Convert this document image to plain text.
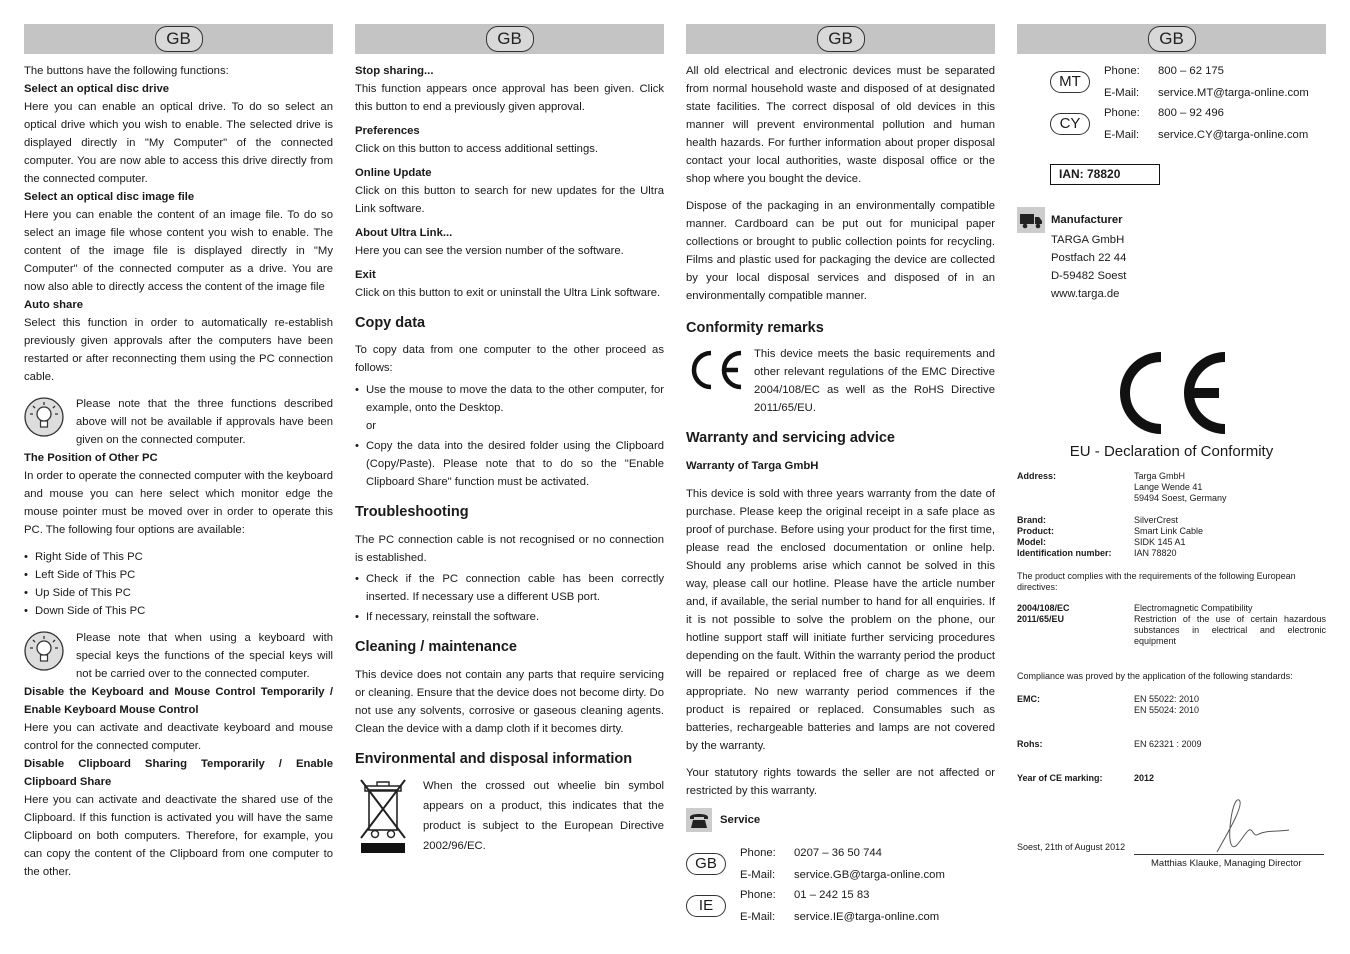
GB

The buttons have the following functions:

Select an optical disc drive

Here you can enable an optical drive. To do so select an optical drive which you wish to enable. The selected drive is displayed directly in "My Computer" of the connected computer. You are now able to access this drive directly from the connected computer.

Select an optical disc image file

Here you can enable the content of an image file. To do so select an image file whose content you wish to enable. The content of the image file is displayed directly in "My Computer" of the connected computer as a drive. You are now also able to directly access the content of the image file

Auto share

Select this function in order to automatically re-establish previously given approvals after the computers have been restarted or after reconnecting them using the PC connection cable.

Please note that the three functions described above will not be available if approvals have been given on the connected computer.

The Position of Other PC

In order to operate the connected computer with the keyboard and mouse you can here select which monitor edge the mouse pointer must be moved over in order to operate this PC. The following four options are available:

• Right Side of This PC
• Left Side of This PC
• Up Side of This PC
• Down Side of This PC

Please note that when using a keyboard with special keys the functions of the special keys will not be carried over to the connected computer.

Disable the Keyboard and Mouse Control Temporarily / Enable Keyboard Mouse Control

Here you can activate and deactivate keyboard and mouse control for the connected computer.

Disable Clipboard Sharing Temporarily / Enable Clipboard Share

Here you can activate and deactivate the shared use of the Clipboard. If this function is activated you will have the same Clipboard on both computers. Therefore, for example, you can copy the content of the Clipboard from one computer to the other.

GB

Stop sharing...

This function appears once approval has been given. Click this button to end a previously given approval.

Preferences

Click on this button to access additional settings.

Online Update

Click on this button to search for new updates for the Ultra Link software.

About Ultra Link...

Here you can see the version number of the software.

Exit

Click on this button to exit or uninstall the Ultra Link software.

Copy data

To copy data from one computer to the other proceed as follows:

• Use the mouse to move the data to the other computer, for example, onto the Desktop.

or

• Copy the data into the desired folder using the Clipboard (Copy/Paste). Please note that to do so the "Enable Clipboard Share" function must be activated.

Troubleshooting

The PC connection cable is not recognised or no connection is established.

• Check if the PC connection cable has been correctly inserted. If necessary use a different USB port.
• If necessary, reinstall the software.

Cleaning / maintenance

This device does not contain any parts that require servicing or cleaning. Ensure that the device does not become dirty. Do not use any solvents, corrosive or gaseous cleaning agents. Clean the device with a damp cloth if it becomes dirty.

Environmental and disposal information

When the crossed out wheelie bin symbol appears on a product, this indicates that the product is subject to the European Directive 2002/96/EC.

GB

All old electrical and electronic devices must be separated from normal household waste and disposed of at designated state facilities. The correct disposal of old devices in this manner will prevent environmental pollution and human health hazards. For further information about proper disposal contact your local authorities, waste disposal office or the shop where you bought the device.

Dispose of the packaging in an environmentally compatible manner. Cardboard can be put out for municipal paper collections or brought to public collection points for recycling. Films and plastic used for packaging the device are collected by your local disposal services and disposed of in an environmentally compatible manner.

Conformity remarks

This device meets the basic requirements and other relevant regulations of the EMC Directive 2004/108/EC as well as the RoHS Directive 2011/65/EU.

Warranty and servicing advice

Warranty of Targa GmbH

This device is sold with three years warranty from the date of purchase. Please keep the original receipt in a safe place as proof of purchase. Before using your product for the first time, please read the enclosed documentation or online help. Should any problems arise which cannot be solved in this way, please call our hotline. Please have the article number and, if available, the serial number to hand for all enquiries. If it is not possible to solve the problem on the phone, our hotline support staff will initiate further servicing procedures depending on the fault. Within the warranty period the product will be repaired or replaced free of charge as we deem appropriate. No new warranty period commences if the product is repaired or replaced. Consumables such as batteries, rechargeable batteries and lamps are not covered by the warranty.

Your statutory rights towards the seller are not affected or restricted by this warranty.

Service
GB
Phone:	0207 – 36 50 744
E-Mail:	service.GB@targa-online.com
IE
Phone:	01 – 242 15 83
E-Mail:	service.IE@targa-online.com
GB
MT
Phone:	800 – 62 175
E-Mail:	service.MT@targa-online.com
CY
Phone:	800 – 92 496
E-Mail:	service.CY@targa-online.com
IAN: 78820

Manufacturer

TARGA GmbH

Postfach 22 44

D-59482 Soest

www.targa.de

EU - Declaration of Conformity
Address:	Targa GmbH
Lange Wende 41
59494 Soest, Germany
Brand:	SilverCrest
Product:	Smart Link Cable
Model:	SIDK 145 A1
Identification number:	IAN 78820
The product complies with the requirements of the following European directives:
2004/108/EC	Electromagnetic Compatibility
2011/65/EU	Restriction of the use of certain hazardous substances in electrical and electronic equipment
Compliance was proved by the application of the following standards:
EMC:	EN 55022: 2010
EN 55024: 2010
Rohs:	EN 62321 : 2009
Year of CE marking:	2012
Soest, 21th of August 2012
Matthias Klauke, Managing Director
